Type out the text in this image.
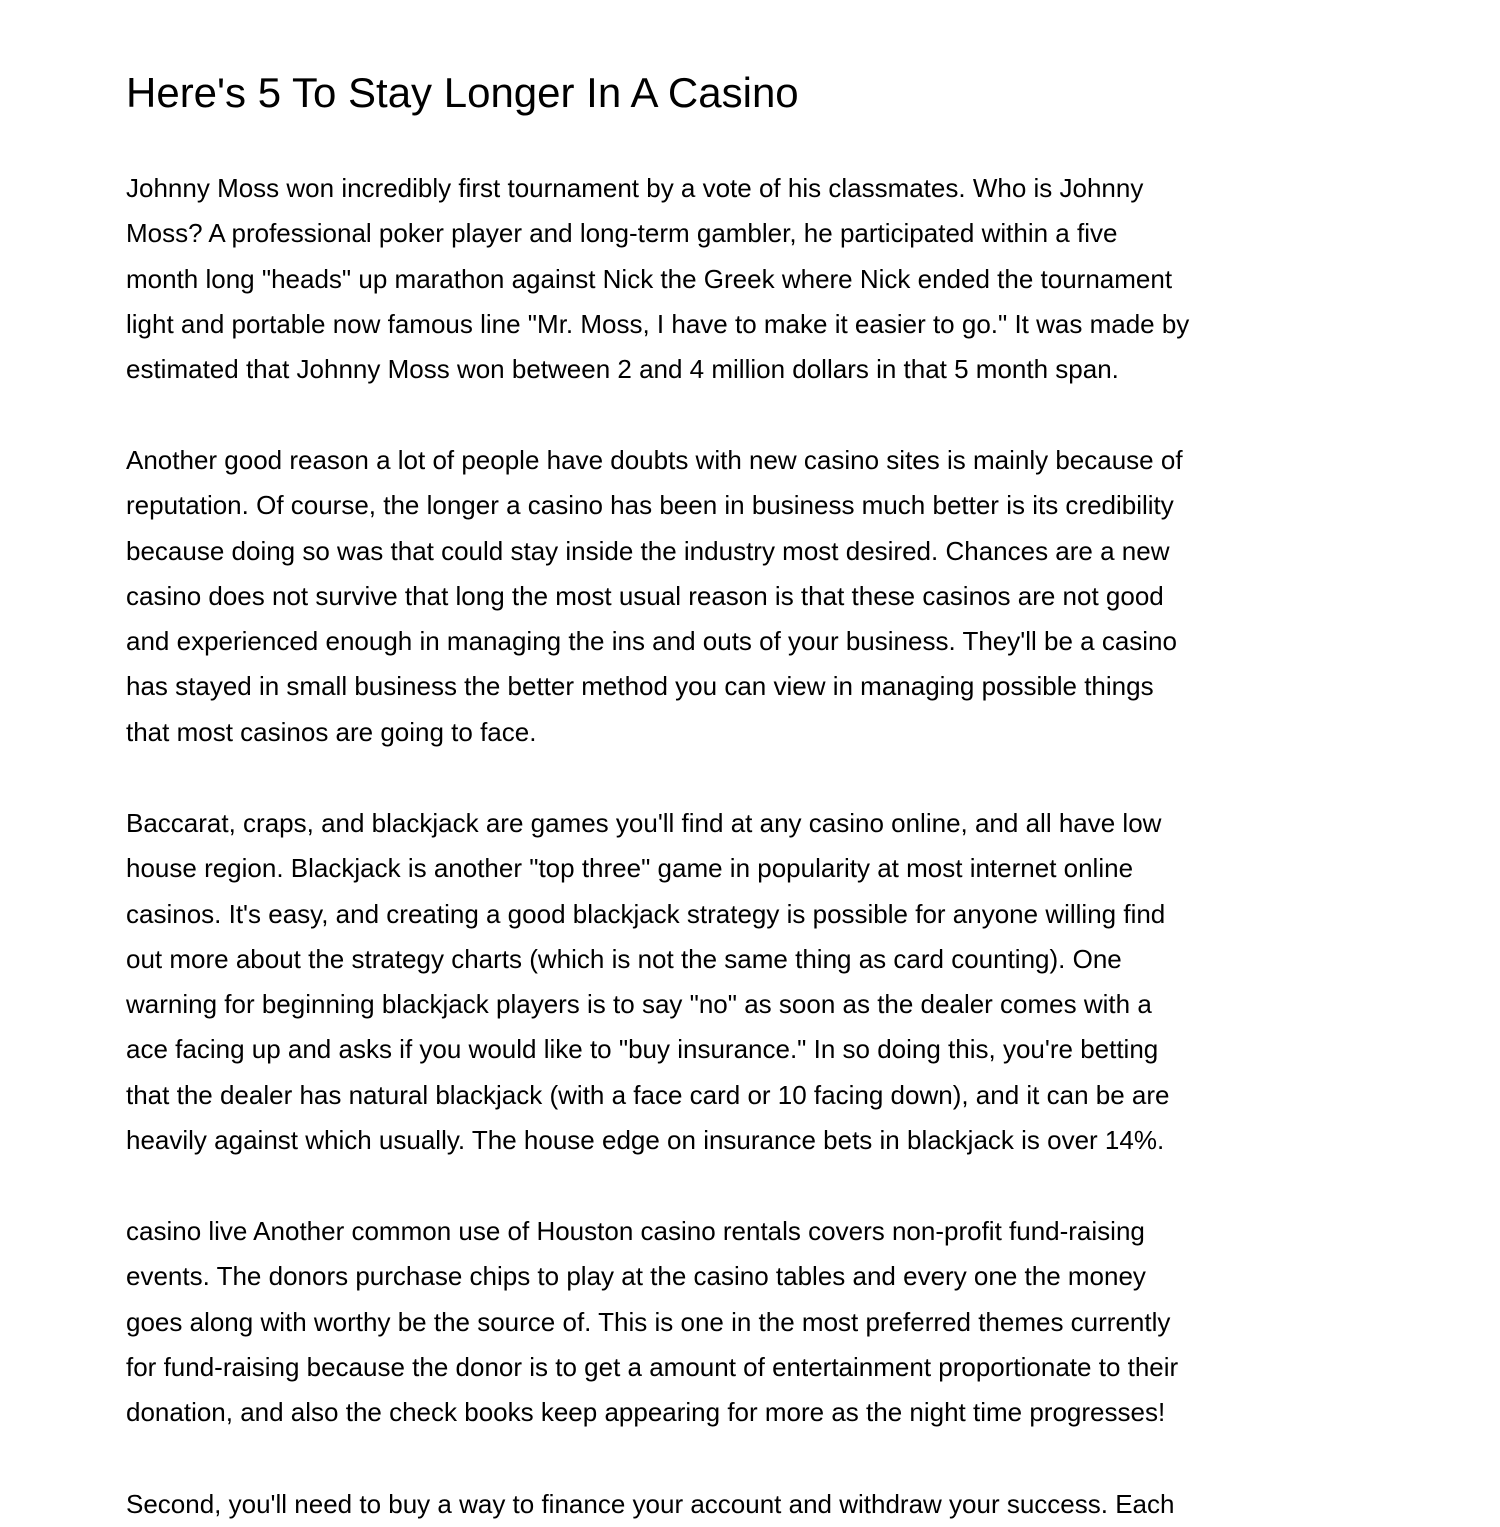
Here's 5 To Stay Longer In A Casino

Johnny Moss won incredibly first tournament by a vote of his classmates. Who is Johnny
Moss? A professional poker player and long-term gambler, he participated within a five
month long "heads" up marathon against Nick the Greek where Nick ended the tournament
light and portable now famous line "Mr. Moss, I have to make it easier to go." It was made by
estimated that Johnny Moss won between 2 and 4 million dollars in that 5 month span.

Another good reason a lot of people have doubts with new casino sites is mainly because of
reputation. Of course, the longer a casino has been in business much better is its credibility
because doing so was that could stay inside the industry most desired. Chances are a new
casino does not survive that long the most usual reason is that these casinos are not good
and experienced enough in managing the ins and outs of your business. They'll be a casino
has stayed in small business the better method you can view in managing possible things
that most casinos are going to face.

Baccarat, craps, and blackjack are games you'll find at any casino online, and all have low
house region. Blackjack is another "top three" game in popularity at most internet online
casinos. It's easy, and creating a good blackjack strategy is possible for anyone willing find
out more about the strategy charts (which is not the same thing as card counting). One
warning for beginning blackjack players is to say "no" as soon as the dealer comes with a
ace facing up and asks if you would like to "buy insurance." In so doing this, you're betting
that the dealer has natural blackjack (with a face card or 10 facing down), and it can be are
heavily against which usually. The house edge on insurance bets in blackjack is over 14%.

casino live Another common use of Houston casino rentals covers non-profit fund-raising
events. The donors purchase chips to play at the casino tables and every one the money
goes along with worthy be the source of. This is one in the most preferred themes currently
for fund-raising because the donor is to get a amount of entertainment proportionate to their
donation, and also the check books keep appearing for more as the night time progresses!

Second, you'll need to buy a way to finance your account and withdraw your success. Each
